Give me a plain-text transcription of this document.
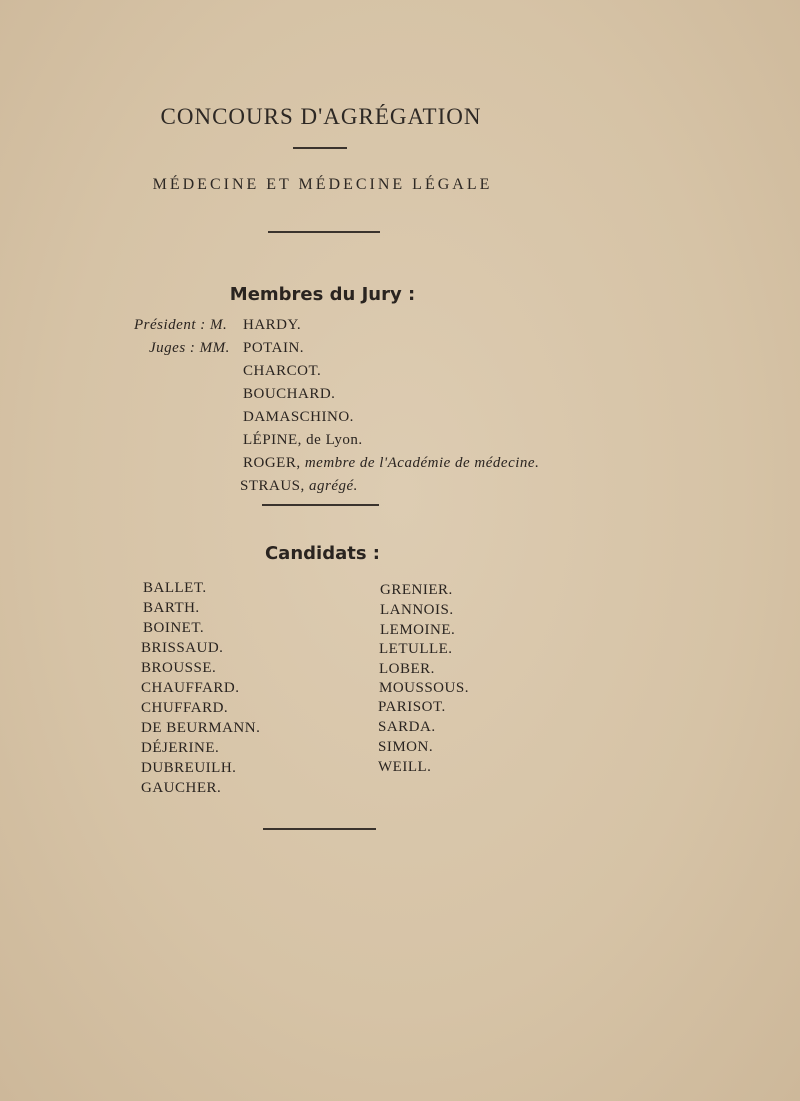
CONCOURS D'AGRÉGATION
MÉDECINE ET MÉDECINE LÉGALE
Membres du Jury :
Président : M. HARDY.
Juges : MM. POTAIN.
CHARCOT.
BOUCHARD.
DAMASCHINO.
LÉPINE, de Lyon.
ROGER, membre de l'Académie de médecine.
STRAUS, agrégé.
Candidats :
BALLET.
BARTH.
BOINET.
BRISSAUD.
BROUSSE.
CHAUFFARD.
CHUFFARD.
DE BEURMANN.
DÉJERINE.
DUBREUILH.
GAUCHER.
GRENIER.
LANNOIS.
LEMOINE.
LETULLE.
LOBER.
MOUSSOUS.
PARISOT.
SARDA.
SIMON.
WEILL.
